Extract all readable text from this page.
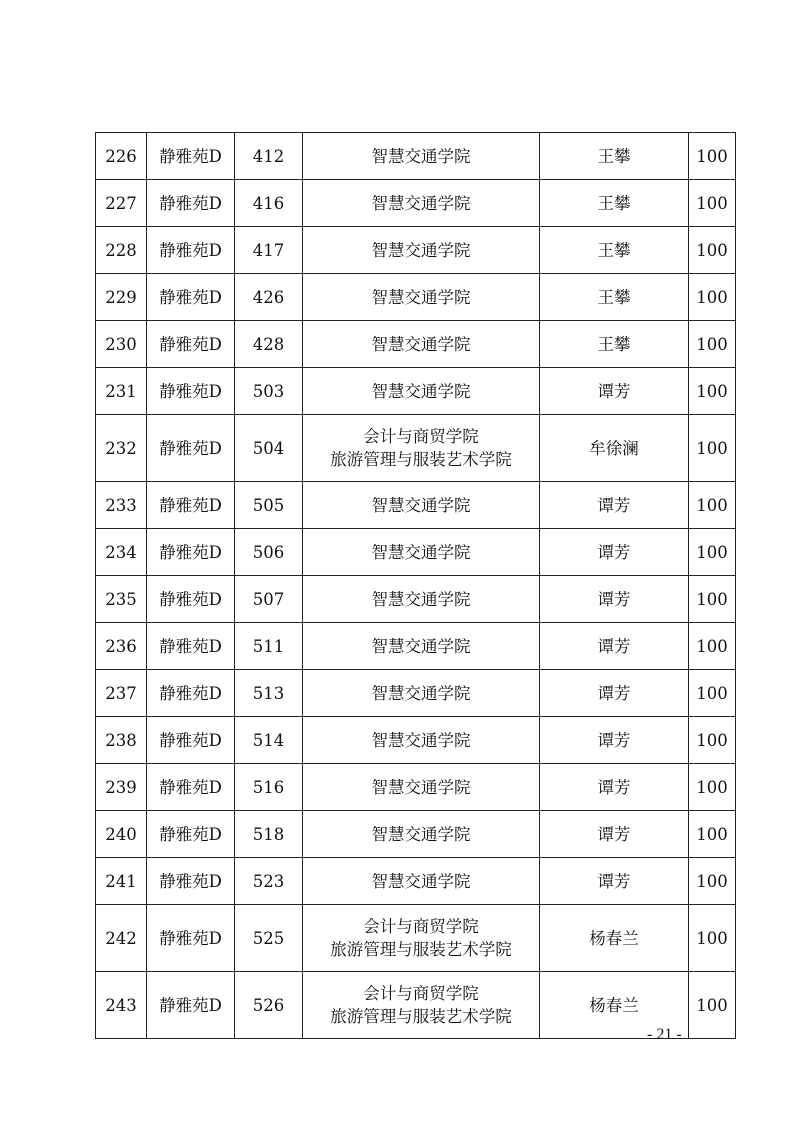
226	静雅苑D	412	智慧交通学院	王攀	100
227	静雅苑D	416	智慧交通学院	王攀	100
228	静雅苑D	417	智慧交通学院	王攀	100
229	静雅苑D	426	智慧交通学院	王攀	100
230	静雅苑D	428	智慧交通学院	王攀	100
231	静雅苑D	503	智慧交通学院	谭芳	100
232	静雅苑D	504	会计与商贸学院
旅游管理与服装艺术学院	牟徐澜	100
233	静雅苑D	505	智慧交通学院	谭芳	100
234	静雅苑D	506	智慧交通学院	谭芳	100
235	静雅苑D	507	智慧交通学院	谭芳	100
236	静雅苑D	511	智慧交通学院	谭芳	100
237	静雅苑D	513	智慧交通学院	谭芳	100
238	静雅苑D	514	智慧交通学院	谭芳	100
239	静雅苑D	516	智慧交通学院	谭芳	100
240	静雅苑D	518	智慧交通学院	谭芳	100
241	静雅苑D	523	智慧交通学院	谭芳	100
242	静雅苑D	525	会计与商贸学院
旅游管理与服装艺术学院	杨春兰	100
243	静雅苑D	526	会计与商贸学院
旅游管理与服装艺术学院	杨春兰	100
- 21 -
